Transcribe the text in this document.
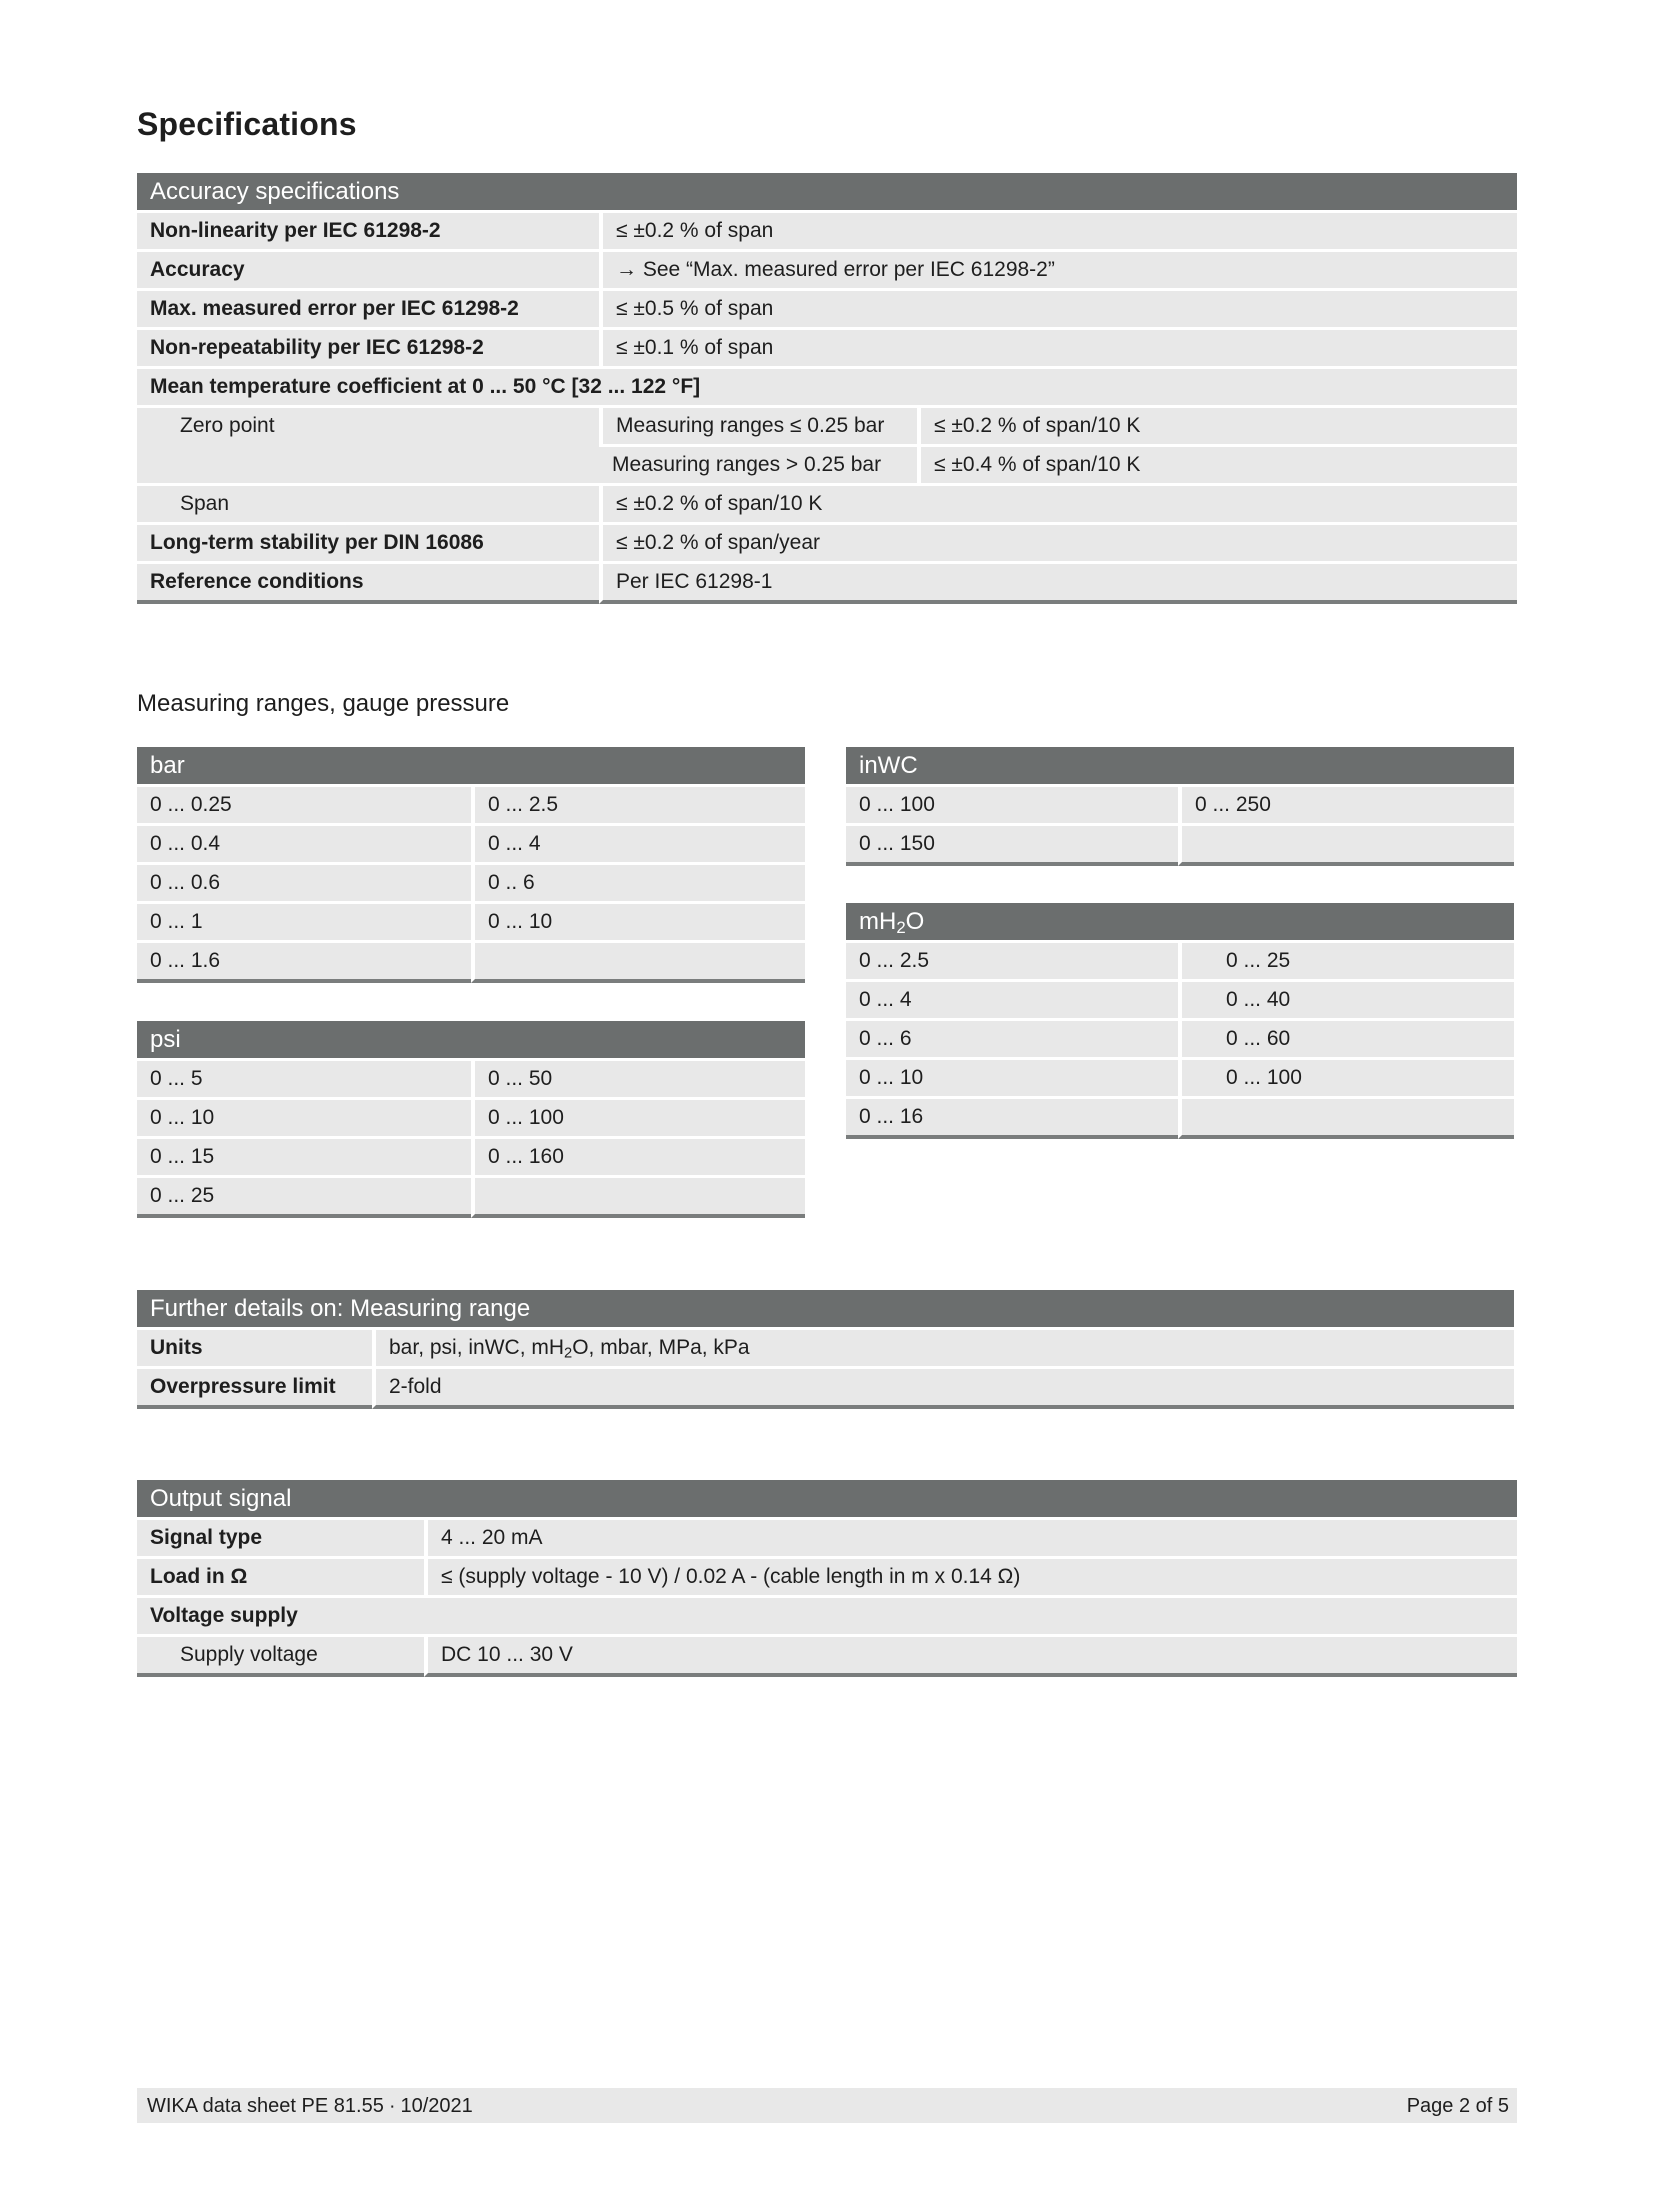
Specifications
Accuracy specifications		
Non-linearity per IEC 61298-2	≤ ±0.2 % of span	
Accuracy	→ See “Max. measured error per IEC 61298-2”	
Max. measured error per IEC 61298-2	≤ ±0.5 % of span	
Non-repeatability per IEC 61298-2	≤ ±0.1 % of span	
Mean temperature coefficient at 0 ... 50 °C [32 ... 122 °F]		
Zero point	Measuring ranges ≤ 0.25 bar	≤ ±0.2 % of span/10 K
	Measuring ranges > 0.25 bar	≤ ±0.4 % of span/10 K
Span	≤ ±0.2 % of span/10 K	
Long-term stability per DIN 16086	≤ ±0.2 % of span/year	
Reference conditions	Per IEC 61298-1	
Measuring ranges, gauge pressure
bar	
0 ... 0.25	0 ... 2.5
0 ... 0.4	0 ... 4
0 ... 0.6	0 .. 6
0 ... 1	0 ... 10
0 ... 1.6	
psi	
0 ... 5	0 ... 50
0 ... 10	0 ... 100
0 ... 15	0 ... 160
0 ... 25	
inWC	
0 ... 100	0 ... 250
0 ... 150	
$mH_2O$	
0 ... 2.5	0 ... 25
0 ... 4	0 ... 40
0 ... 6	0 ... 60
0 ... 10	0 ... 100
0 ... 16	
Further details on: Measuring range	
Units	bar, psi, inWC, $mH_2O$, mbar, MPa, kPa
Overpressure limit	2-fold
Output signal	
Signal type	4 ... 20 mA
Load in Ω	≤ (supply voltage - 10 V) / 0.02 A - (cable length in m x 0.14 Ω)
Voltage supply	
Supply voltage	DC 10 ... 30 V
WIKA data sheet PE 81.55 ∙ 10/2021	Page 2 of 5
